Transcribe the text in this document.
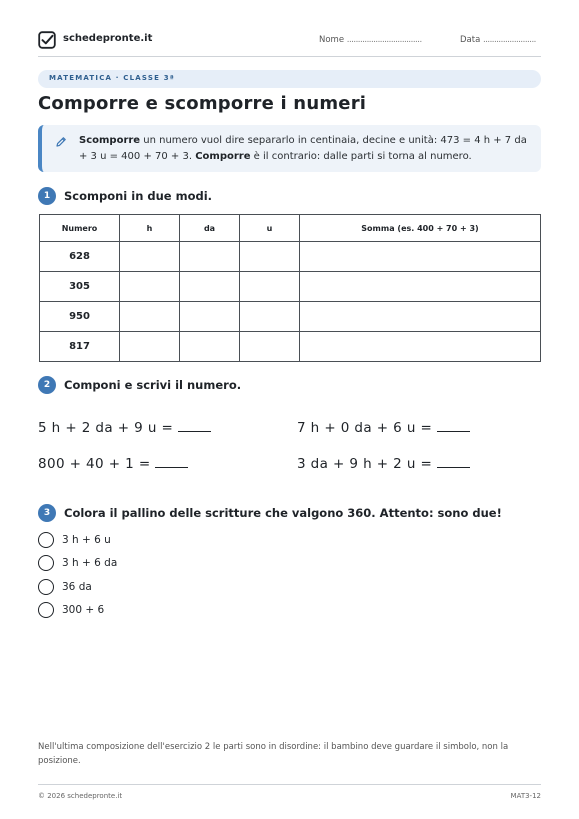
schedepronte.it	Nome ..................................	Data ........................
MATEMATICA · CLASSE 3ª
Comporre e scomporre i numeri
Scomporre un numero vuol dire separarlo in centinaia, decine e unità: 473 = 4 h + 7 da + 3 u = 400 + 70 + 3. Comporre è il contrario: dalle parti si torna al numero.
1	Scomponi in due modi.
Numero	h	da	u	Somma (es. 400 + 70 + 3)
628				
305				
950				
817				
2	Componi e scrivi il numero.
5 h + 2 da + 9 u =	7 h + 0 da + 6 u =
800 + 40 + 1 =	3 da + 9 h + 2 u =
3	Colora il pallino delle scritture che valgono 360. Attento: sono due!
3 h + 6 u
3 h + 6 da
36 da
300 + 6
Nell'ultima composizione dell'esercizio 2 le parti sono in disordine: il bambino deve guardare il simbolo, non la posizione.
© 2026 schedepronte.it	MAT3-12
